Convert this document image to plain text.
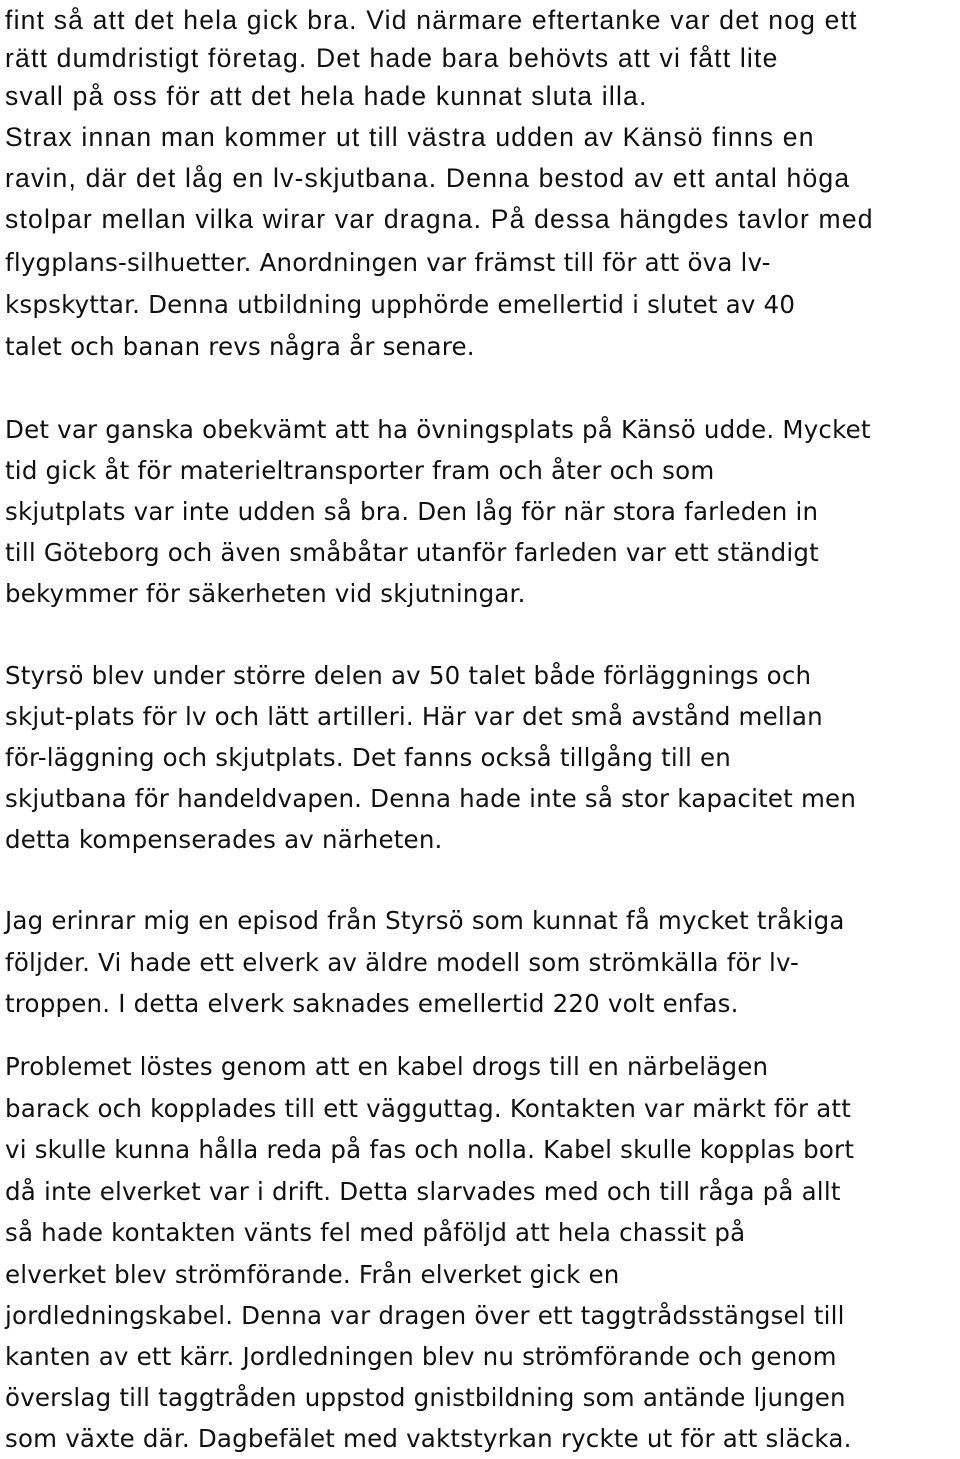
fint så att det hela gick bra. Vid närmare eftertanke var det nog ett
rätt dumdristigt företag. Det hade bara behövts att vi fått lite
svall på oss för att det hela hade kunnat sluta illa.
Strax innan man kommer ut till västra udden av Känsö finns en
ravin, där det låg en lv-skjutbana. Denna bestod av ett antal höga
stolpar mellan vilka wirar var dragna. På dessa hängdes tavlor med
flygplans-silhuetter. Anordningen var främst till för att öva lv-
kspskyttar. Denna utbildning upphörde emellertid i slutet av 40
talet och banan revs några år senare.
Det var ganska obekvämt att ha övningsplats på Känsö udde. Mycket
tid gick åt för materieltransporter fram och åter och som
skjutplats var inte udden så bra. Den låg för när stora farleden in
till Göteborg och även småbåtar utanför farleden var ett ständigt
bekymmer för säkerheten vid skjutningar.
Styrsö blev under större delen av 50 talet både förläggnings och
skjut-plats för lv och lätt artilleri. Här var det små avstånd mellan
för-läggning och skjutplats. Det fanns också tillgång till en
skjutbana för handeldvapen. Denna hade inte så stor kapacitet men
detta kompenserades av närheten.
Jag erinrar mig en episod från Styrsö som kunnat få mycket tråkiga
följder. Vi hade ett elverk av äldre modell som strömkälla för lv-
troppen. I detta elverk saknades emellertid 220 volt enfas.
Problemet löstes genom att en kabel drogs till en närbelägen
barack och kopplades till ett vägguttag. Kontakten var märkt för att
vi skulle kunna hålla reda på fas och nolla. Kabel skulle kopplas bort
då inte elverket var i drift. Detta slarvades med och till råga på allt
så hade kontakten vänts fel med påföljd att hela chassit på
elverket blev strömförande. Från elverket gick en
jordledningskabel. Denna var dragen över ett taggtrådsstängsel till
kanten av ett kärr. Jordledningen blev nu strömförande och genom
överslag till taggtråden uppstod gnistbildning som antände ljungen
som växte där. Dagbefälet med vaktstyrkan ryckte ut för att släcka.
